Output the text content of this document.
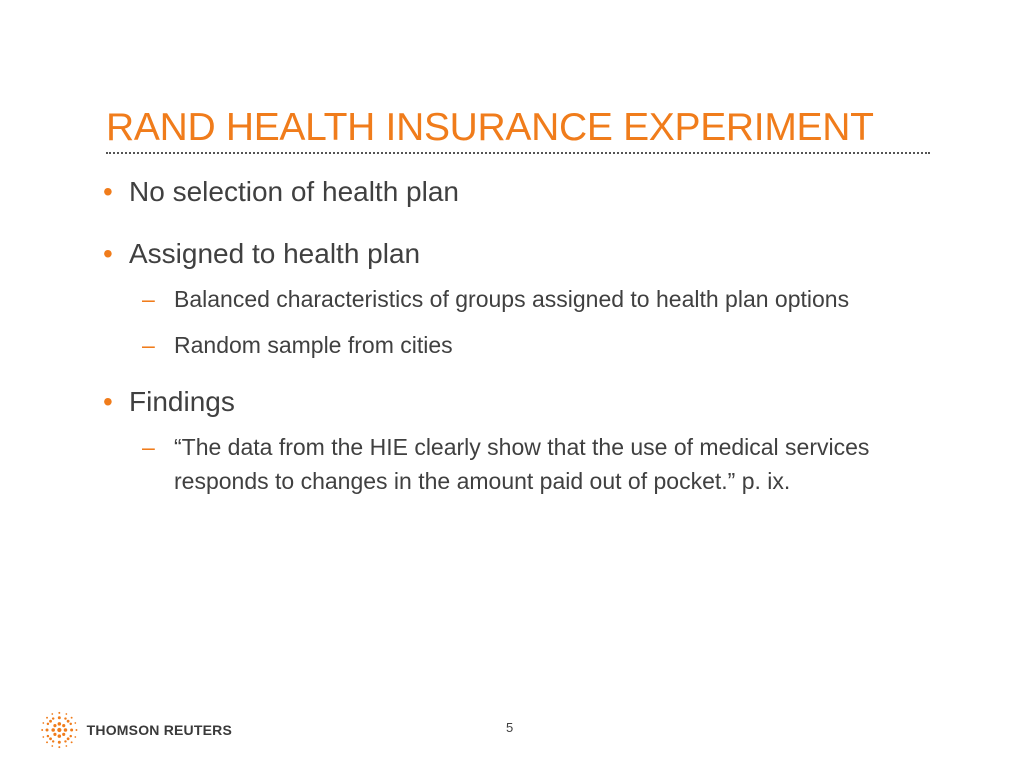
RAND HEALTH INSURANCE EXPERIMENT
• No selection of health plan
• Assigned to health plan
– Balanced characteristics of groups assigned to health plan options
– Random sample from cities
• Findings
– “The data from the HIE clearly show that the use of medical services responds to changes in the amount paid out of pocket.” p. ix.
THOMSON REUTERS	5
